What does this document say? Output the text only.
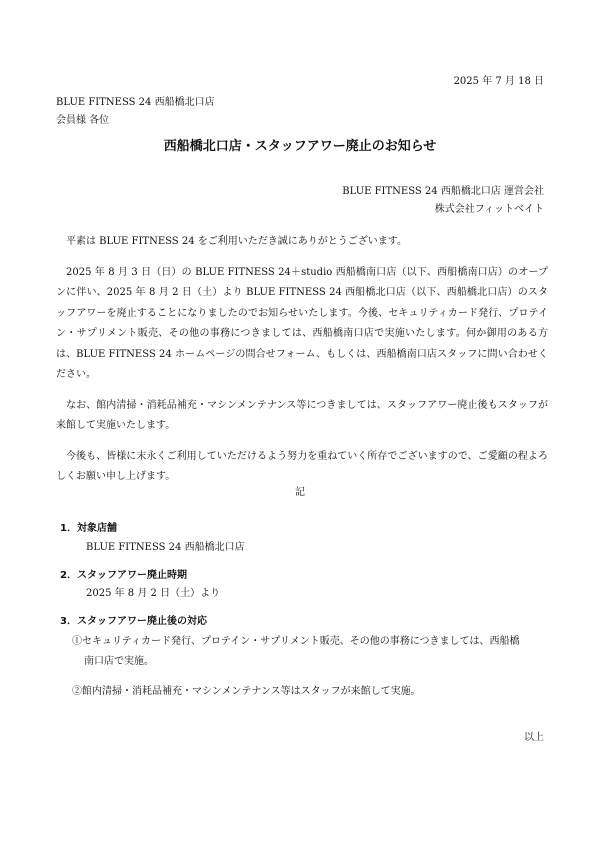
2025 年 7 月 18 日
BLUE FITNESS 24 西船橋北口店
会員様 各位
西船橋北口店・スタッフアワー廃止のお知らせ
BLUE FITNESS 24 西船橋北口店 運営会社
株式会社フィットベイト

平素は BLUE FITNESS 24 をご利用いただき誠にありがとうございます。

2025 年 8 月 3 日（日）の BLUE FITNESS 24＋studio 西船橋南口店（以下、西船橋南口店）のオープンに伴い、2025 年 8 月 2 日（土）より BLUE FITNESS 24 西船橋北口店（以下、西船橋北口店）のスタッフアワーを廃止することになりましたのでお知らせいたします。今後、セキュリティカード発行、プロテイン・サプリメント販売、その他の事務につきましては、西船橋南口店で実施いたします。何か御用のある方は、BLUE FITNESS 24 ホームページの問合せフォーム、もしくは、西船橋南口店スタッフに問い合わせください。

なお、館内清掃・消耗品補充・マシンメンテナンス等につきましては、スタッフアワー廃止後もスタッフが来館して実施いたします。

今後も、皆様に末永くご利用していただけるよう努力を重ねていく所存でございますので、ご愛顧の程よろしくお願い申し上げます。

記
1．対象店舗
BLUE FITNESS 24 西船橋北口店
2．スタッフアワー廃止時期
2025 年 8 月 2 日（土）より
3．スタッフアワー廃止後の対応
①セキュリティカード発行、プロテイン・サプリメント販売、その他の事務につきましては、西船橋
南口店で実施。
②館内清掃・消耗品補充・マシンメンテナンス等はスタッフが来館して実施。
以上
